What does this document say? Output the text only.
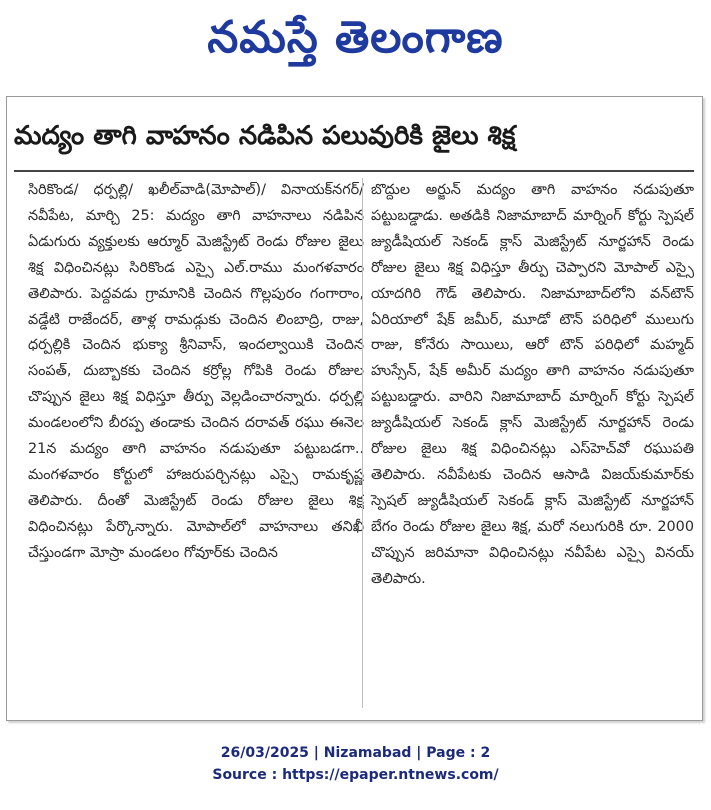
నమస్తే తెలంగాణ
మద్యం తాగి వాహనం నడిపిన పలువురికి జైలు శిక్ష

సిరికొండ/ ధర్పల్లి/ ఖలీల్‌వాడి(మోపాల్)/ వినాయక్‌నగర్/ నవీపేట, మార్చి 25: మద్యం తాగి వాహనాలు నడిపిన ఏడుగురు వ్యక్తులకు ఆర్మూర్ మెజిస్ట్రేట్ రెండు రోజుల జైలు శిక్ష విధించినట్లు సిరికొండ ఎస్సై ఎల్.రాము మంగళవారం తెలిపారు. పెద్దవడు గ్రామానికి చెందిన గొల్లపురం గంగారాం, వడ్డేటి రాజేందర్, తాళ్ల రామడ్గుకు చెందిన లింబాద్రి, రాజు, ధర్పల్లికి చెందిన భుక్యా శ్రీనివాస్, ఇందల్వాయికి చెందిన సంపత్, దుబ్బాకకు చెందిన కర్రోల్ల గోపికి రెండు రోజుల చొప్పున జైలు శిక్ష విధిస్తూ తీర్పు వెల్లడించారన్నారు. ధర్పల్లి మండలంలోని బీరప్ప తండాకు చెందిన దరావత్ రఘు ఈనెల 21న మద్యం తాగి వాహనం నడుపుతూ పట్టుబడగా.. మంగళవారం కోర్టులో హాజరుపర్చినట్లు ఎస్సై రామకృష్ణ తెలిపారు. దీంతో మెజిస్ట్రేట్ రెండు రోజుల జైలు శిక్ష విధించినట్లు పేర్కొన్నారు. మోపాల్‌లో వాహనాలు తనిఖీ చేస్తుండగా మోస్రా మండలం గోవూర్‌కు చెందిన

బొద్దుల అర్జున్ మద్యం తాగి వాహనం నడుపుతూ పట్టుబడ్డాడు. అతడికి నిజామాబాద్ మార్నింగ్ కోర్టు స్పెషల్ జ్యుడీషియల్ సెకండ్ క్లాస్ మెజిస్ట్రేట్ నూర్జహాన్ రెండు రోజుల జైలు శిక్ష విధిస్తూ తీర్పు చెప్పారని మోపాల్ ఎస్సై యాదగిరి గౌడ్ తెలిపారు. నిజామాబాద్‌లోని వన్‌టౌన్ ఏరియాలో షేక్ జమీర్, మూడో టౌన్ పరిధిలో ములుగు రాజు, కోనేరు సాయిలు, ఆరో టౌన్ పరిధిలో మహ్మద్ హుస్సేన్, షేక్ అమీర్ మద్యం తాగి వాహనం నడుపుతూ పట్టుబడ్డారు. వారిని నిజామాబాద్ మార్నింగ్ కోర్టు స్పెషల్ జ్యుడీషియల్ సెకండ్ క్లాస్ మెజిస్ట్రేట్ నూర్జహాన్ రెండు రోజుల జైలు శిక్ష విధించినట్లు ఎస్‌హెచ్‌వో రఘుపతి తెలిపారు. నవీపేటకు చెందిన ఆసాడి విజయ్‌కుమార్‌కు స్పెషల్ జ్యుడీషియల్ సెకండ్ క్లాస్ మెజిస్ట్రేట్ నూర్జహాన్ బేగం రెండు రోజుల జైలు శిక్ష, మరో నలుగురికి రూ. 2000 చొప్పున జరిమానా విధించినట్లు నవీపేట ఎస్సై వినయ్ తెలిపారు.

26/03/2025 | Nizamabad | Page : 2
Source : https://epaper.ntnews.com/
